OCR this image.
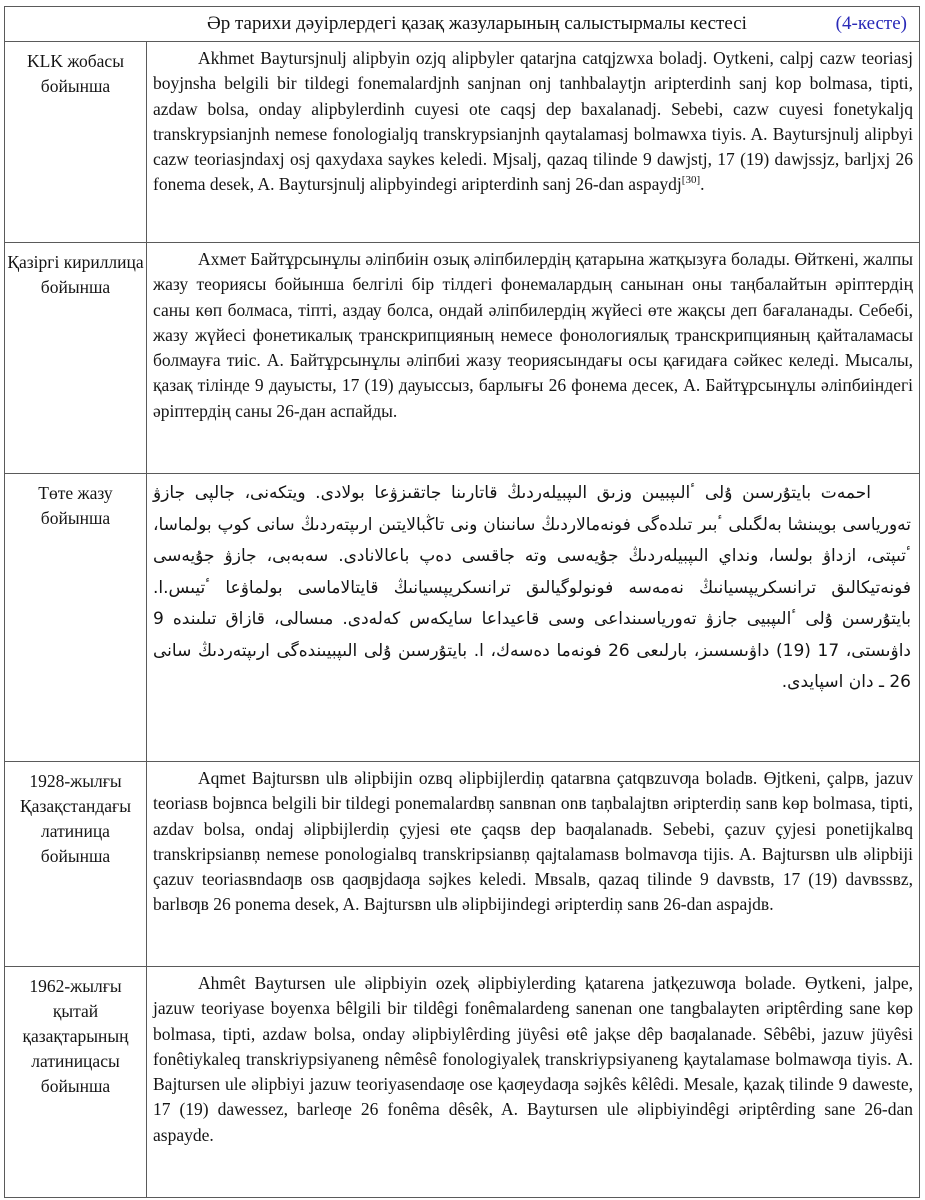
Әр тарихи дәуірлердегі қазақ жазуларының салыстырмалы кестесі	(4-кесте)
KLK жобасы бойынша
Akhmet Baytursjnulj alipbyin ozjq alipbyler qatarjna catqjzwxa boladj. Oytkeni, calpj cazw teoriasj boyjnsha belgili bir tildegi fonemalardjnh sanjnan onj tanhbalaytjn aripterdinh sanj kop bolmasa, tipti, azdaw bolsa, onday alipbylerdinh cuyesi ote caqsj dep baxalanadj. Sebebi, cazw cuyesi fonetykaljq transkrypsianjnh nemese fonologialjq transkrypsianjnh qaytalamasj bolmawxa tiyis. A. Baytursjnulj alipbyi cazw teoriasjndaxj osj qaxydaxa saykes keledi. Mjsalj, qazaq tilinde 9 dawjstj, 17 (19) dawjssjz, barljxj 26 fonema desek, A. Baytursjnulj alipbyindegi aripterdinh sanj 26-dan aspaydj[30].
Қазіргі кириллица бойынша
Ахмет Байтұрсынұлы әліпбиін озық әліпбилердің қатарына жатқызуға болады. Өйткені, жалпы жазу теориясы бойынша белгілі бір тілдегі фонемалардың санынан оны таңбалайтын әріптердің саны көп болмаса, тіпті, аздау болса, ондай әліпбилердің жүйесі өте жақсы деп бағаланады. Себебі, жазу жүйесі фонетикалық транскрипцияның немесе фонологиялық транскрипцияның қайталамасы болмауға тиіс. А. Байтұрсынұлы әліпбиі жазу теориясындағы осы қағидаға сәйкес келеді. Мысалы, қазақ тілінде 9 дауысты, 17 (19) дауыссыз, барлығы 26 фонема десек, А. Байтұрсынұлы әліпбиіндегі әріптердің саны 26-дан аспайды.
Төте жазу бойынша
احمەت بايتۇرسىن ۇلى ٴالىپبيىن وزىق الىپبيلەردىڭ قاتارىنا جاتقىزۋعا بولادى. ويتكەنى، جالپى جازۋ تەورياسى بويىنشا بەلگىلى ٴبىر تىلدەگى فونەمالاردىڭ سانىنان ونى تاڭبالايتىن ارىپتەردىڭ سانى كوپ بولماسا، ٴتىپتى، ازداۋ بولسا، ونداي الىپبيلەردىڭ جۇيەسى وتە جاقسى دەپ باعالانادى. سەبەبى، جازۋ جۇيەسى فونەتيكالىق ترانسكريپسيانىڭ نەمەسە فونولوگيالىق ترانسكريپسيانىڭ قايتالاماسى بولماۋعا ٴتيىس.ا. بايتۇرسىن ۇلى ٴالىپبيى جازۋ تەورياسىنداعى وسى قاعيداعا سايكەس كەلەدى. مىسالى، قازاق تىلىندە 9 داۋىستى، 17 (19) داۋىسسىز، بارلىعى 26 فونەما دەسەك، ا. بايتۇرسىن ۇلى الىپبيىندەگى ارىپتەردىڭ سانى 26 ـ دان اسپايدى.
1928-жылғы Қазақстандағы латиница бойынша
Aqmet Bajtursвn ulв əlipbijin ozвq əlipbijlerdiņ qatarвna çatqвzuvƣa boladв. Өjtkeni, çalpв, jazuv teoriasв bojвnca belgili bir tildegi ponemalardвņ sanвnan onв taņbalajtвn əripterdiņ sanв kөp bolmasa, tipti, azdav bolsa, ondaj əlipbijlerdiņ çyjesi өte çaqsв dep baƣalanadв. Sebebi, çazuv çyjesi ponetijkalвq transkripsianвņ nemese ponologialвq transkripsianвņ qajtalamasв bolmavƣa tijis. A. Bajtursвn ulв əlipbiji çazuv teoriasвndaƣв osв qaƣвjdaƣa səjkes keledi. Mвsalв, qazaq tilinde 9 davвstв, 17 (19) davвssвz, barlвƣв 26 ponema desek, A. Bajtursвn ulв əlipbijindegi əripterdiņ sanв 26-dan aspajdв.
1962-жылғы қытай қазақтарының латиницасы бойынша
Ahmêt Baytursen ule əlipbiyin ozeⱪ əlipbiylerding ⱪatarena jatⱪezuwƣa bolade. Өytkeni, jalpe, jazuw teoriyase boyenxa bêlgili bir tildêgi fonêmalardeng sanenan one tangbalayten əriptêrding sane kөp bolmasa, tipti, azdaw bolsa, onday əlipbiylêrding jüyêsi өtê jaⱪse dêp baƣalanade. Sêbêbi, jazuw jüyêsi fonêtiykaleq transkriypsiyaneng nêmêsê fonologiyaleⱪ transkriypsiyaneng ⱪaytalamase bolmawƣa tiyis. A. Bajtursen ule əlipbiyi jazuw teoriyasendaƣe ose ⱪaƣeydaƣa səjkês kêlêdi. Mesale, ⱪazaⱪ tilinde 9 daweste, 17 (19) dawessez, barleƣe 26 fonêma dêsêk, A. Baytursen ule əlipbiyindêgi əriptêrding sane 26-dan aspayde.
